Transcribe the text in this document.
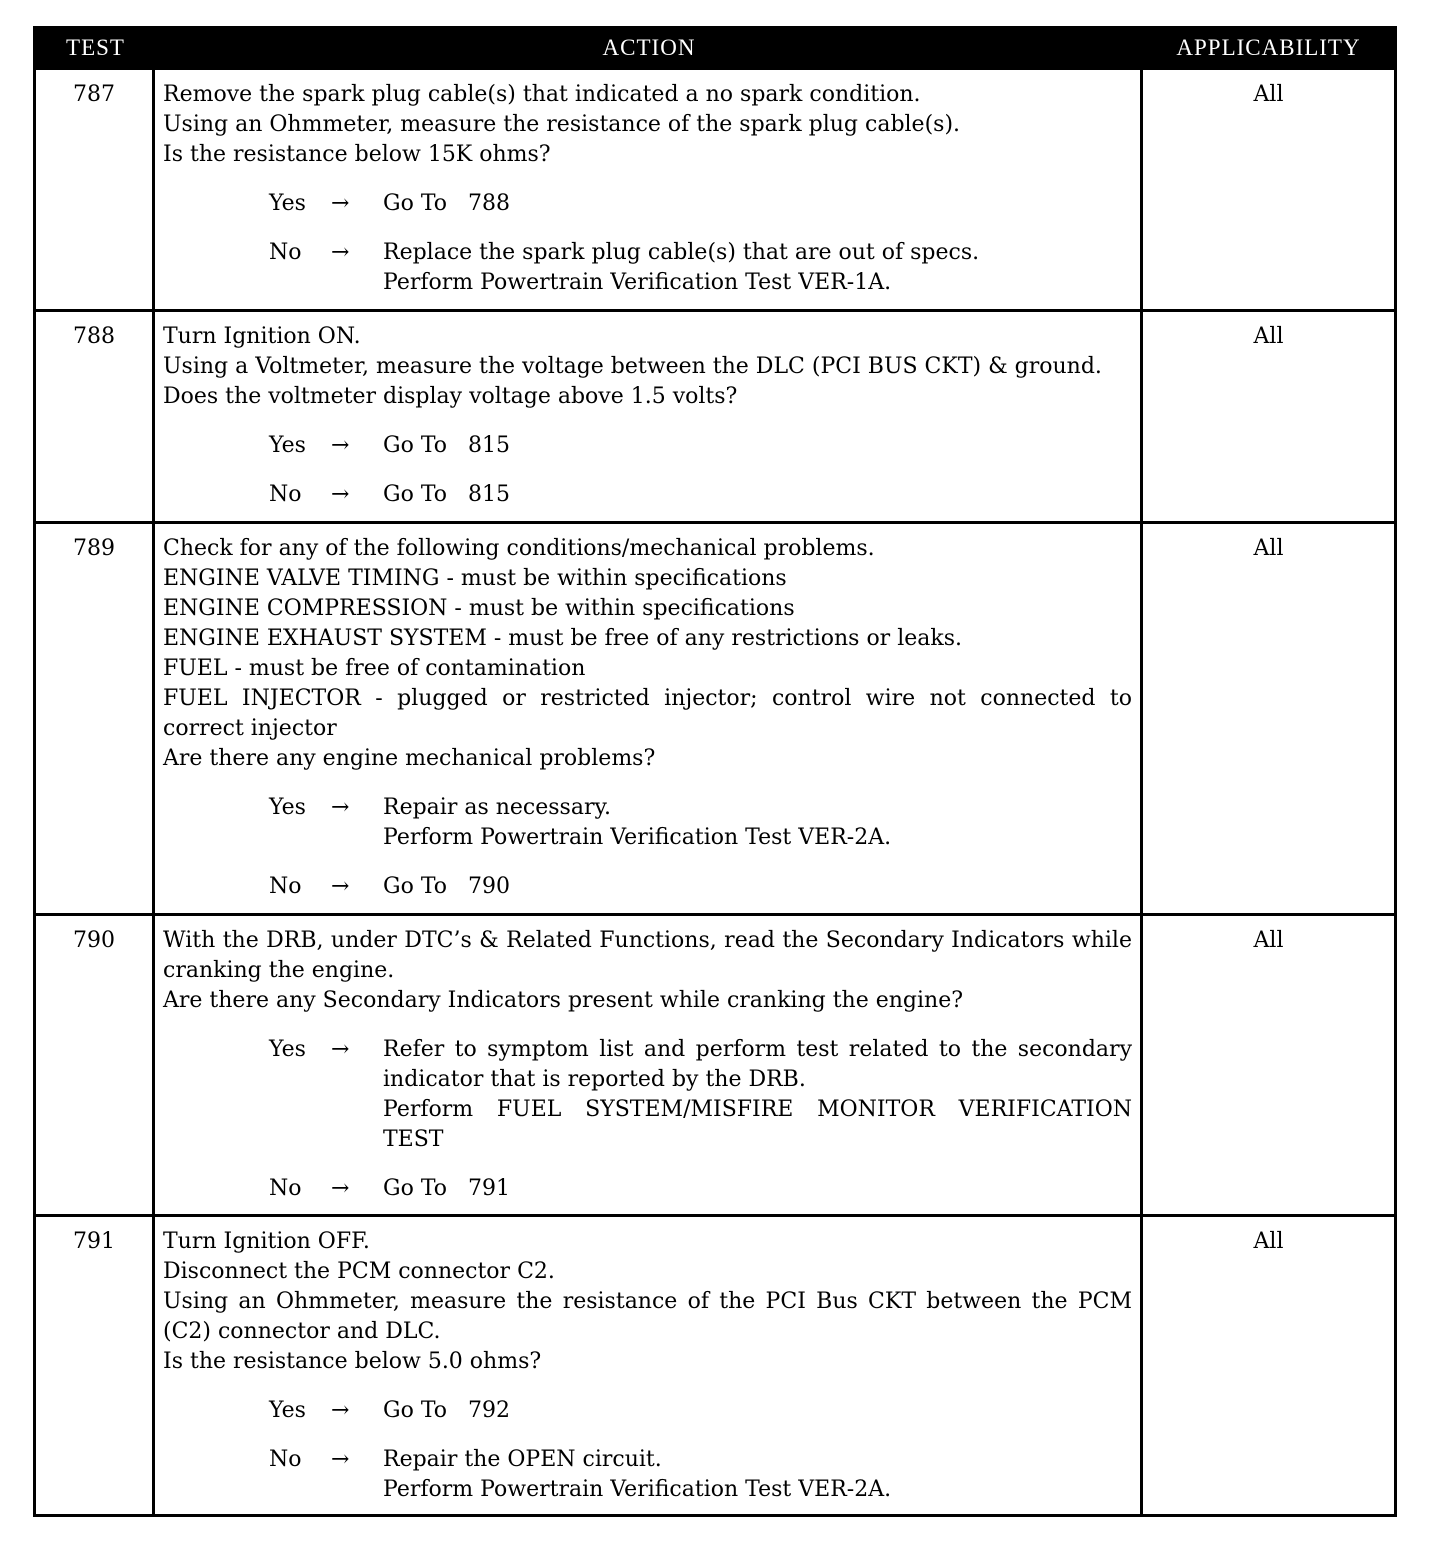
TEST	ACTION	APPLICABILITY
787	Remove the spark plug cable(s) that indicated a no spark condition.
Using an Ohmmeter, measure the resistance of the spark plug cable(s).
Is the resistance below 15K ohms?
Yes	→	Go To   788
No	→	Replace the spark plug cable(s) that are out of specs.
Perform Powertrain Verification Test VER-1A.
All
788	Turn Ignition ON.
Using a Voltmeter, measure the voltage between the DLC (PCI BUS CKT) & ground.
Does the voltmeter display voltage above 1.5 volts?
Yes	→	Go To   815
No	→	Go To   815
All
789	Check for any of the following conditions/mechanical problems.
ENGINE VALVE TIMING - must be within specifications
ENGINE COMPRESSION - must be within specifications
ENGINE EXHAUST SYSTEM - must be free of any restrictions or leaks.
FUEL - must be free of contamination
FUEL INJECTOR - plugged or restricted injector; control wire not connected to correct injector
Are there any engine mechanical problems?
Yes	→	Repair as necessary.
Perform Powertrain Verification Test VER-2A.
No	→	Go To   790
All
790	With the DRB, under DTC’s & Related Functions, read the Secondary Indicators while cranking the engine.
Are there any Secondary Indicators present while cranking the engine?
Yes	→	Refer to symptom list and perform test related to the secondary indicator that is reported by the DRB.
Perform FUEL SYSTEM/MISFIRE MONITOR VERIFICATION TEST
No	→	Go To   791
All
791	Turn Ignition OFF.
Disconnect the PCM connector C2.
Using an Ohmmeter, measure the resistance of the PCI Bus CKT between the PCM (C2) connector and DLC.
Is the resistance below 5.0 ohms?
Yes	→	Go To   792
No	→	Repair the OPEN circuit.
Perform Powertrain Verification Test VER-2A.
All
